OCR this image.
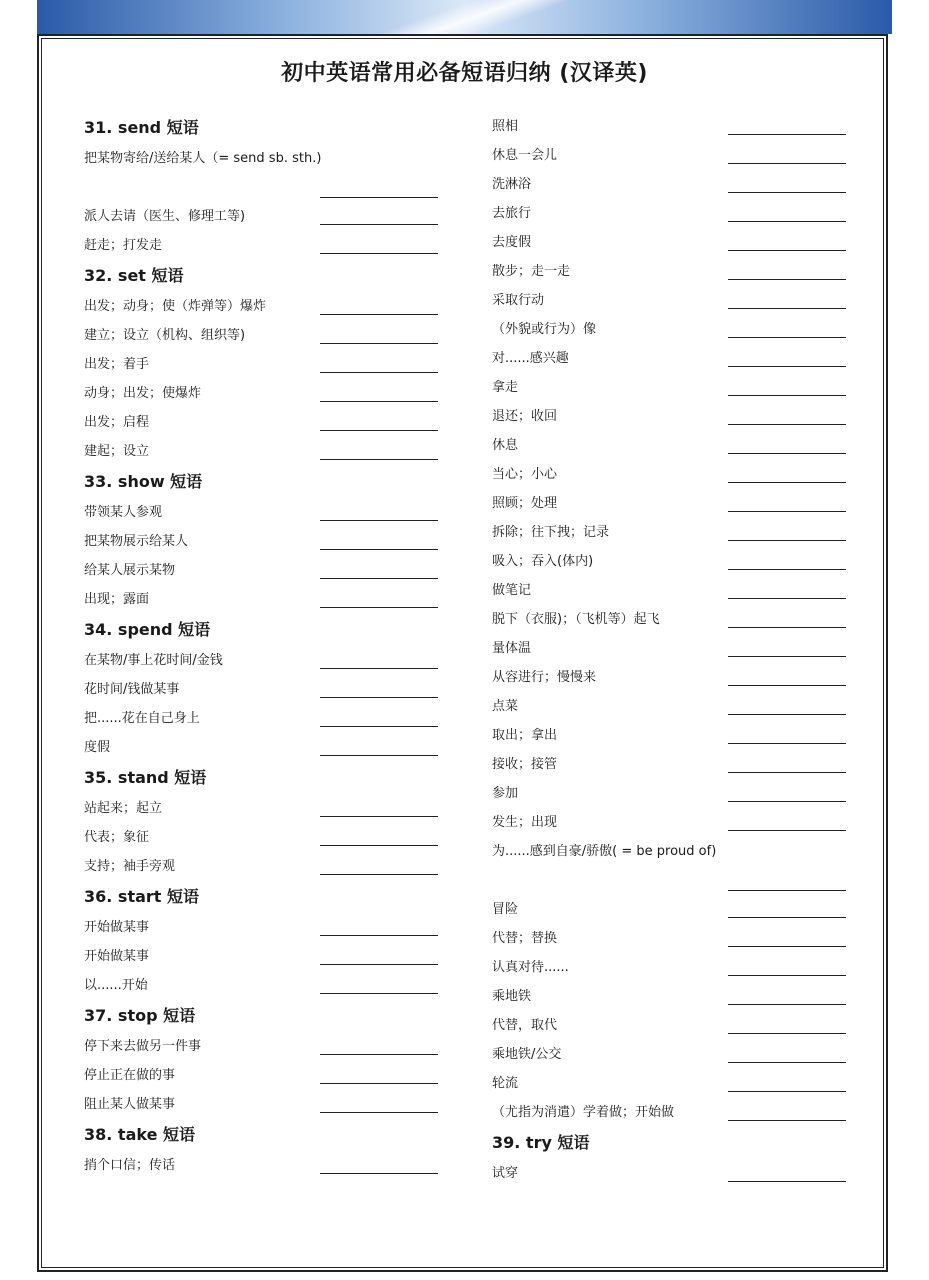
初中英语常用必备短语归纳 (汉译英)
31. send 短语
把某物寄给/送给某人（= send sb. sth.)
派人去请（医生、修理工等)
赶走；打发走
32. set 短语
出发；动身；使（炸弹等）爆炸
建立；设立（机构、组织等)
出发；着手
动身；出发；使爆炸
出发；启程
建起；设立
33. show 短语
带领某人参观
把某物展示给某人
给某人展示某物
出现；露面
34. spend 短语
在某物/事上花时间/金钱
花时间/钱做某事
把......花在自己身上
度假
35. stand 短语
站起来；起立
代表；象征
支持；袖手旁观
36. start 短语
开始做某事
开始做某事
以......开始
37. stop 短语
停下来去做另一件事
停止正在做的事
阻止某人做某事
38. take 短语
捎个口信；传话
照相
休息一会儿
洗淋浴
去旅行
去度假
散步；走一走
采取行动
（外貌或行为）像
对......感兴趣
拿走
退还；收回
休息
当心；小心
照顾；处理
拆除；往下拽；记录
吸入；吞入(体内)
做笔记
脱下（衣服)；（飞机等）起飞
量体温
从容进行；慢慢来
点菜
取出；拿出
接收；接管
参加
发生；出现
为......感到自豪/骄傲( = be proud of)
冒险
代替；替换
认真对待......
乘地铁
代替，取代
乘地铁/公交
轮流
（尤指为消遣）学着做；开始做
39. try 短语
试穿
